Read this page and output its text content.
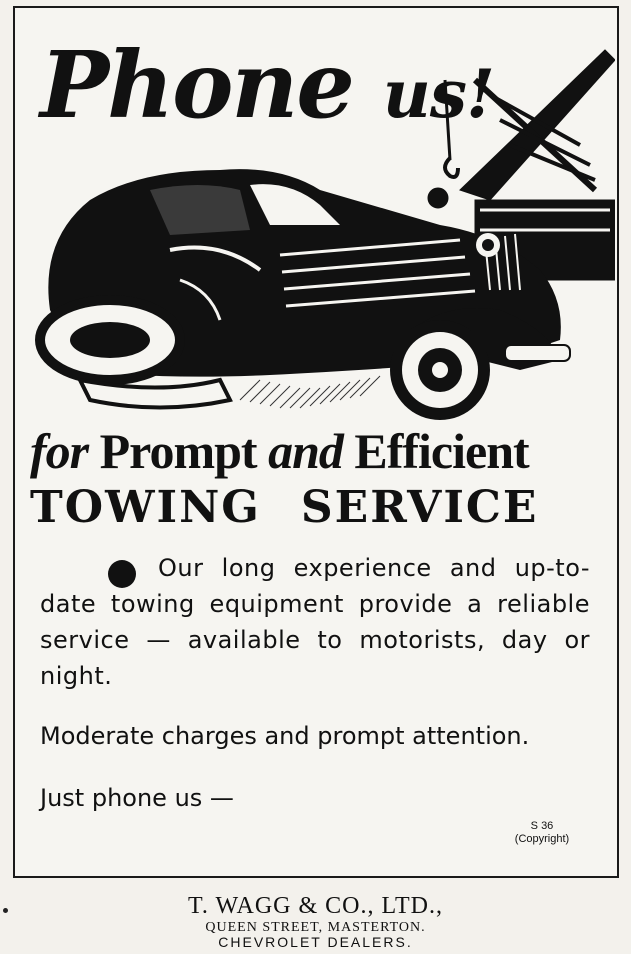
Phone us!
for Prompt and Efficient
TOWING SERVICE
Our long experience and up-to-date towing equipment provide a reliable service — available to motorists, day or night.
Moderate charges and prompt attention.
Just phone us —
S 36
(Copyright)
T. WAGG & CO., LTD.,
QUEEN STREET, MASTERTON.
CHEVROLET DEALERS.
